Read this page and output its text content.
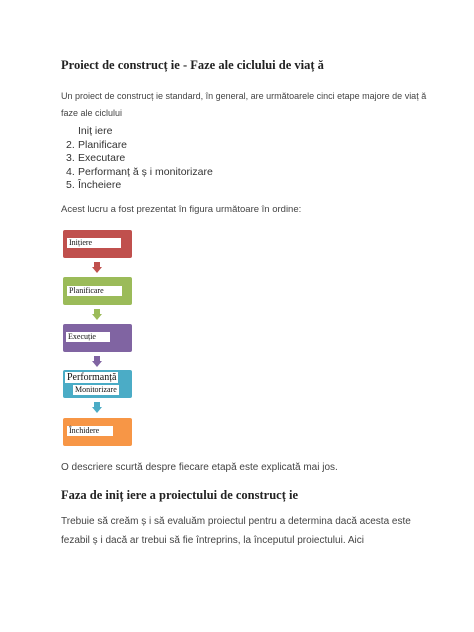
Proiect de construcț ie - Faze ale ciclului de viaț ă
Un proiect de construcț ie standard, în general, are următoarele cinci etape majore de viaț ă faze ale ciclului
Iniț iere
2. Planificare
3. Executare
4. Performanț ă ș i monitorizare
5. Încheiere
Acest lucru a fost prezentat în figura următoare în ordine:
Inițiere
Planificare
Execuție
Performanță
Monitorizare
Închidere
O descriere scurtă despre fiecare etapă este explicată mai jos.
Faza de iniț iere a proiectului de construcț ie
Trebuie să creăm ș i să evaluăm proiectul pentru a determina dacă acesta este fezabil ș i dacă ar trebui să fie întreprins, la începutul proiectului. Aici
